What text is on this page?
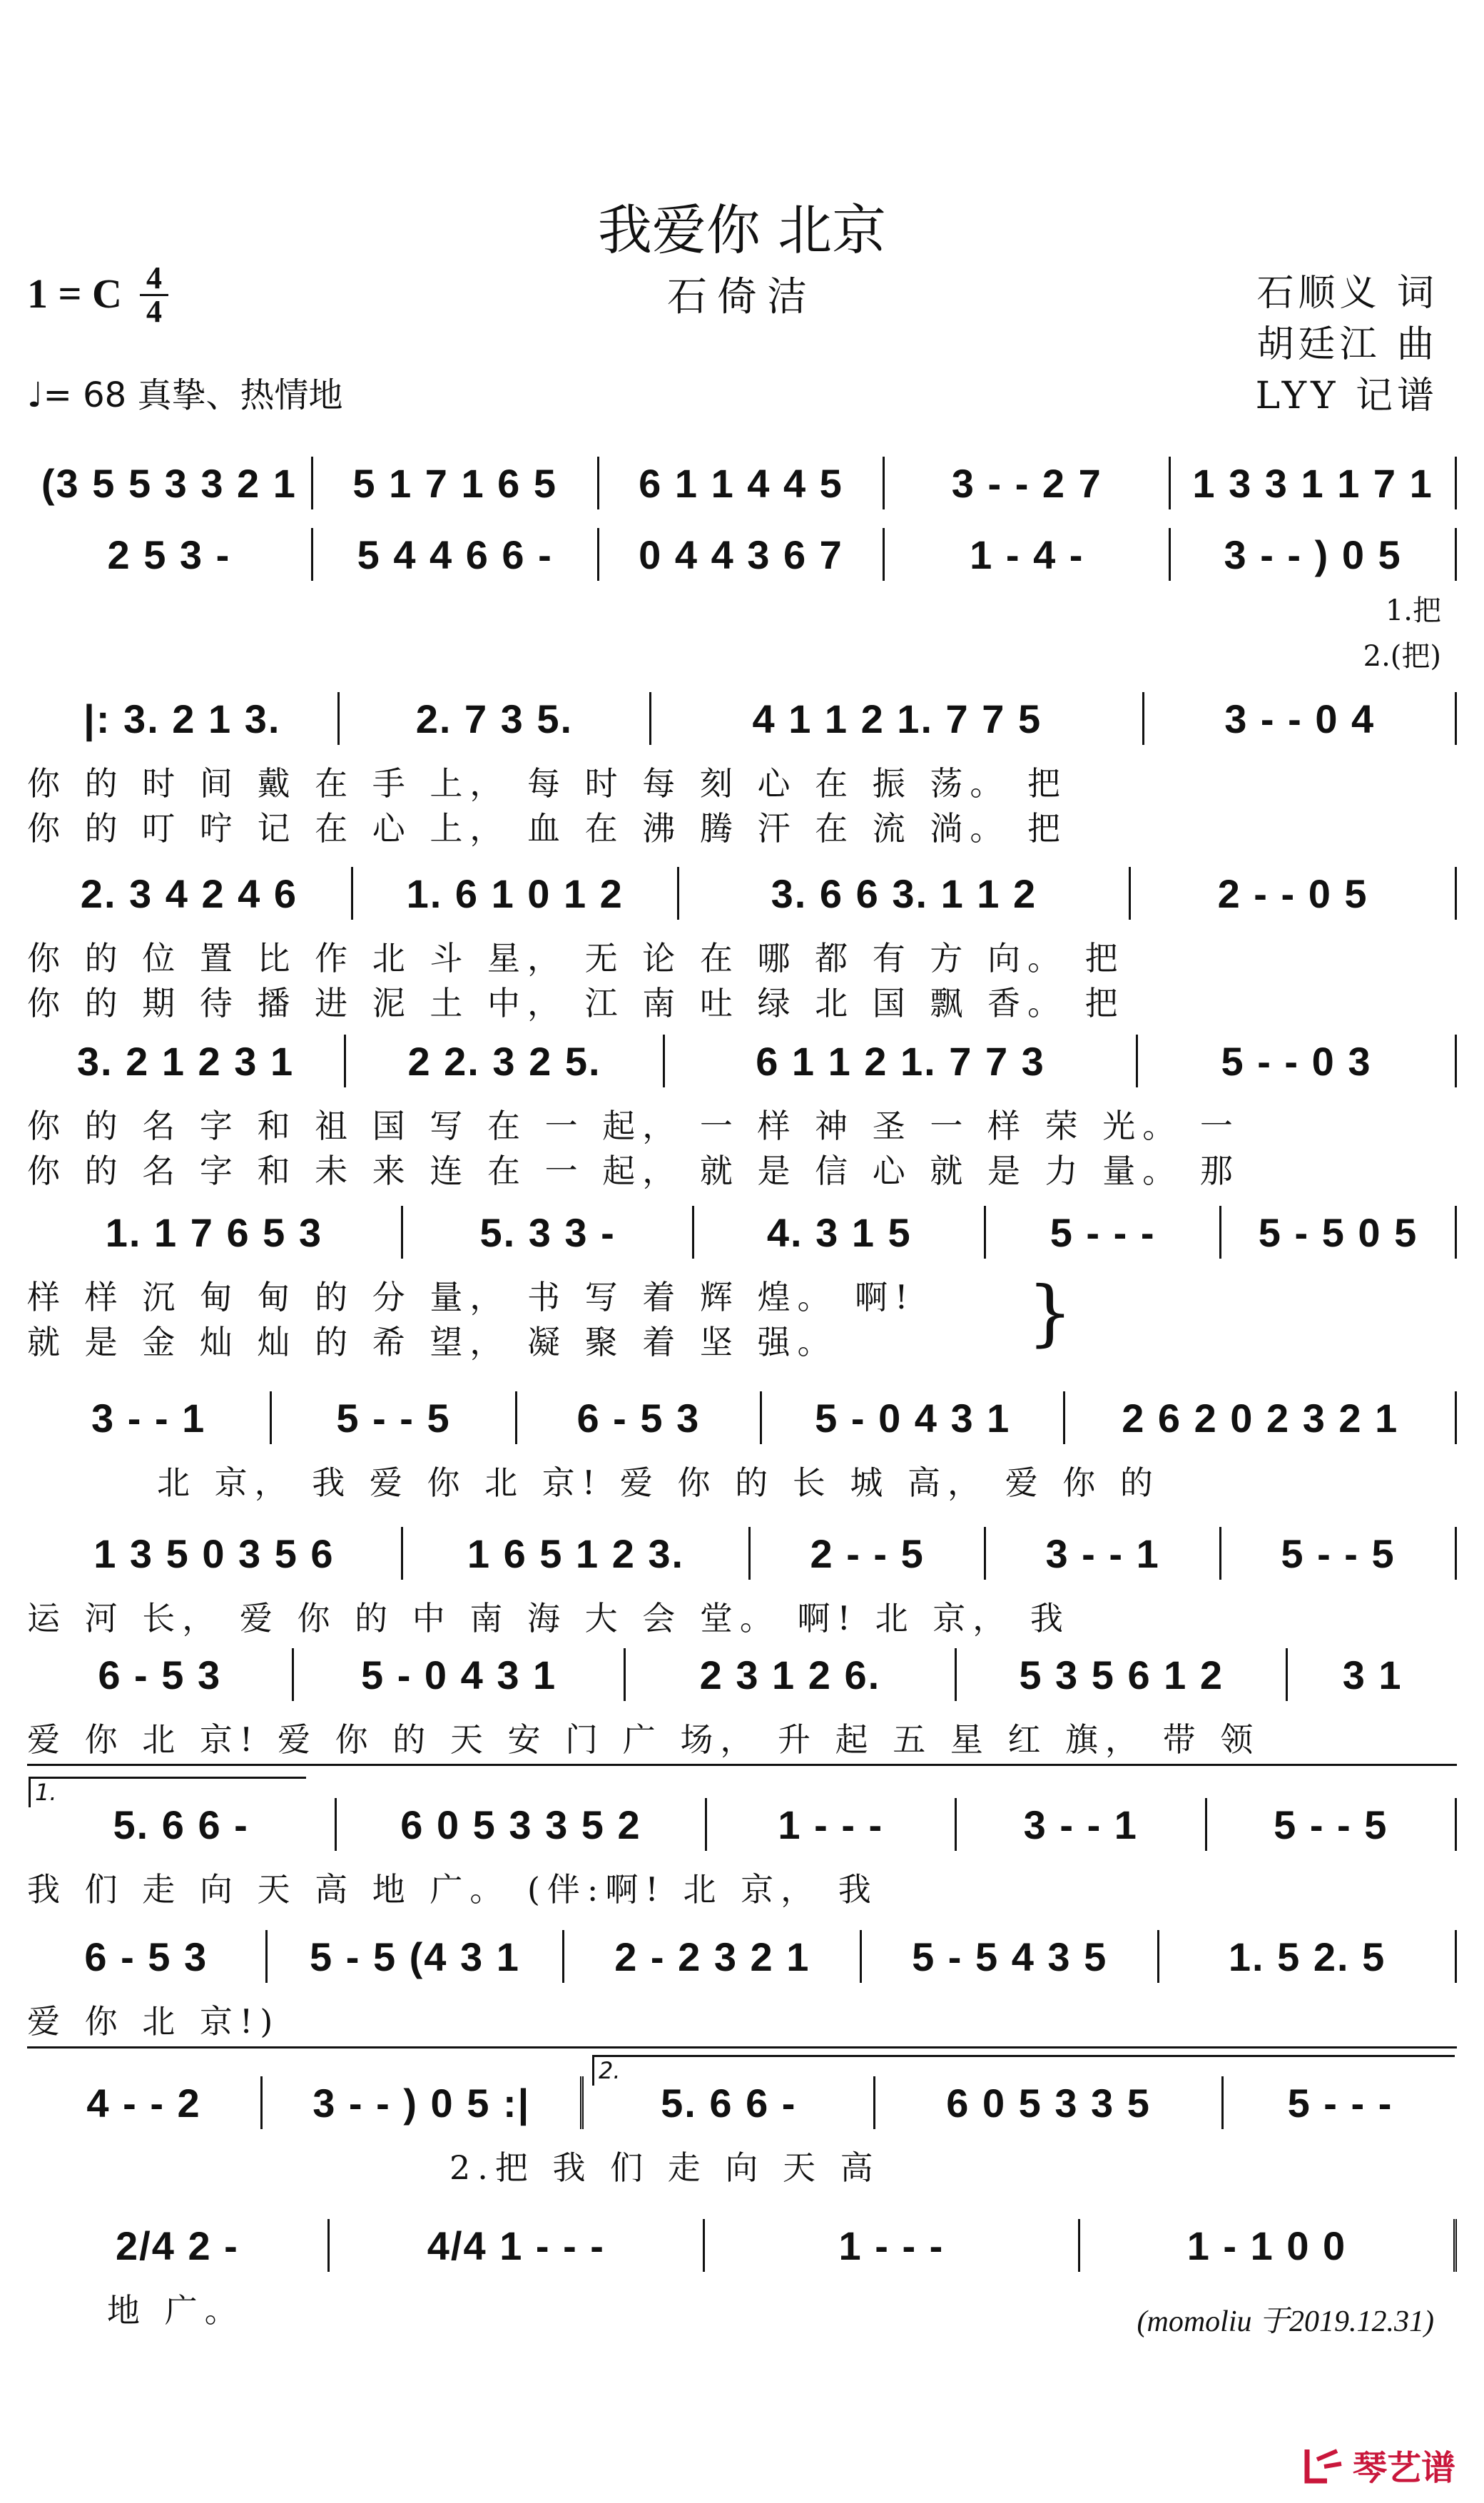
我爱你 北京
石倚洁	石顺义 词
胡廷江 曲
LYY 记谱
1 = C 4
4
♩= 68 真挚、热情地
(3 5 5 3 3 2 1	5 1 7 1 6 5	6 1 1 4 4 5	3 - - 2 7	1 3 3 1 1 7 1
2 5 3 -	5 4 4 6 6 -	0 4 4 3 6 7	1 - 4 -	3 - - ) 0 5
1.把
2.(把)
|: 3. 2 1 3.	2. 7 3 5.	4 1 1 2 1. 7 7 5	3 - - 0 4
你 的 时 间 戴 在 手 上， 每 时 每 刻 心 在 振 荡。 把
你 的 叮 咛 记 在 心 上， 血 在 沸 腾 汗 在 流 淌。 把
2. 3 4 2 4 6	1. 6 1 0 1 2	3. 6 6 3. 1 1 2	2 - - 0 5
你 的 位 置 比 作 北 斗 星， 无 论 在 哪 都 有 方 向。 把
你 的 期 待 播 进 泥 土 中， 江 南 吐 绿 北 国 飘 香。 把
3. 2 1 2 3 1	2 2. 3 2 5.	6 1 1 2 1. 7 7 3	5 - - 0 3
你 的 名 字 和 祖 国 写 在 一 起， 一 样 神 圣 一 样 荣 光。 一
你 的 名 字 和 未 来 连 在 一 起， 就 是 信 心 就 是 力 量。 那
1. 1 7 6 5 3	5. 3 3 -	4. 3 1 5	5 - - -	5 - 5 0 5
样 样 沉 甸 甸 的 分 量， 书 写 着 辉 煌。 啊!
就 是 金 灿 灿 的 希 望， 凝 聚 着 坚 强。	}
3 - - 1	5 - - 5	6 - 5 3	5 - 0 4 3 1	2 6 2 0 2 3 2 1
北 京， 我 爱 你 北 京! 爱 你 的 长 城 高， 爱 你 的
1 3 5 0 3 5 6	1 6 5 1 2 3.	2 - - 5	3 - - 1	5 - - 5
运 河 长， 爱 你 的 中 南 海 大 会 堂。 啊! 北 京， 我
6 - 5 3	5 - 0 4 3 1	2 3 1 2 6.	5 3 5 6 1 2	3 1
爱 你 北 京! 爱 你 的 天 安 门 广 场， 升 起 五 星 红 旗， 带 领
1.
5. 6 6 -	6 0 5 3 3 5 2	1 - - -	3 - - 1	5 - - 5
我 们 走 向 天 高 地 广。 (伴:啊! 北 京， 我
6 - 5 3	5 - 5 (4 3 1	2 - 2 3 2 1	5 - 5 4 3 5	1. 5 2. 5
爱 你 北 京!)
2.
4 - - 2	3 - - ) 0 5 :|	5. 6 6 -	6 0 5 3 3 5	5 - - -
2.把 我 们 走 向 天 高
2/4 2 -	4/4 1 - - -	1 - - -	1 - 1 0 0
地 广。	(momoliu 于2019.12.31)
琴艺谱
